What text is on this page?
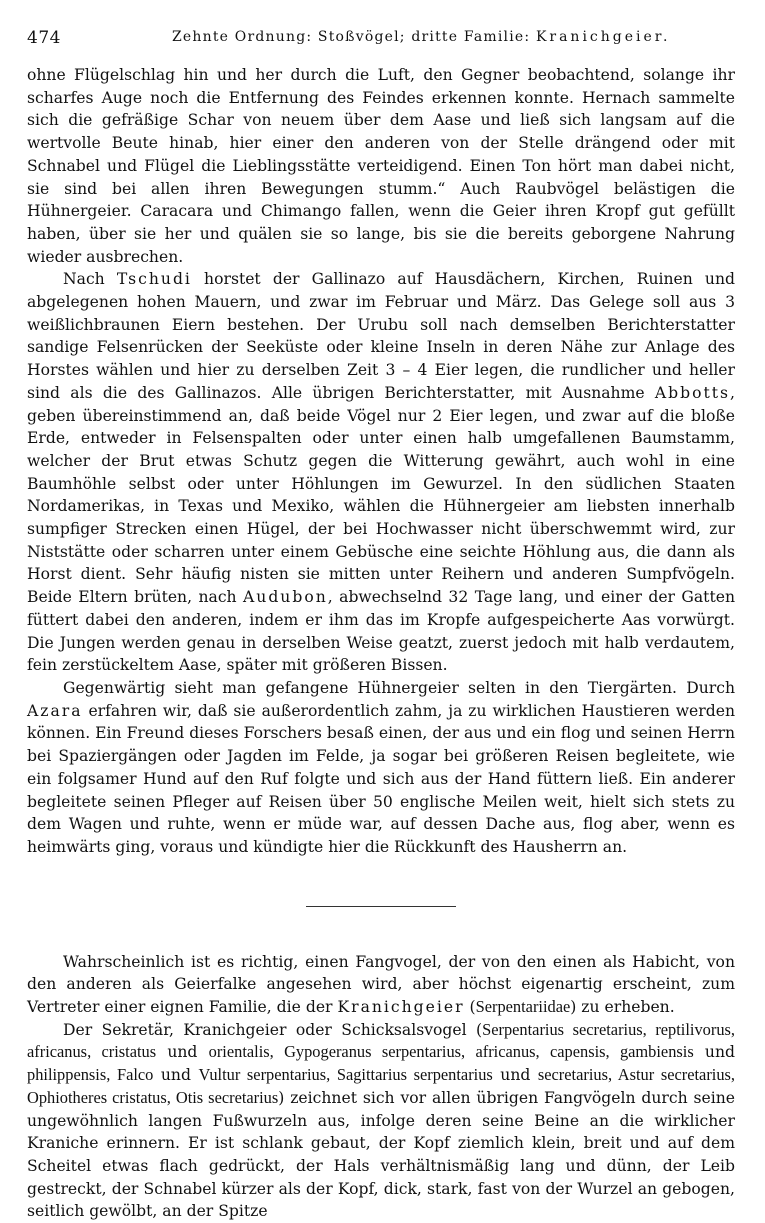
474	Zehnte Ordnung: Stoßvögel; dritte Familie: Kranichgeier.

ohne Flügelschlag hin und her durch die Luft, den Gegner beobachtend, solange ihr scharfes Auge noch die Entfernung des Feindes erkennen konnte. Hernach sammelte sich die gefräßige Schar von neuem über dem Aase und ließ sich langsam auf die wertvolle Beute hinab, hier einer den anderen von der Stelle drängend oder mit Schnabel und Flügel die Lieblingsstätte verteidigend. Einen Ton hört man dabei nicht, sie sind bei allen ihren Bewegungen stumm.“ Auch Raubvögel belästigen die Hühnergeier. Caracara und Chimango fallen, wenn die Geier ihren Kropf gut gefüllt haben, über sie her und quälen sie so lange, bis sie die bereits geborgene Nahrung wieder ausbrechen.

Nach Tschudi horstet der Gallinazo auf Hausdächern, Kirchen, Ruinen und abgelegenen hohen Mauern, und zwar im Februar und März. Das Gelege soll aus 3 weißlichbraunen Eiern bestehen. Der Urubu soll nach demselben Berichterstatter sandige Felsenrücken der Seeküste oder kleine Inseln in deren Nähe zur Anlage des Horstes wählen und hier zu derselben Zeit 3 – 4 Eier legen, die rundlicher und heller sind als die des Gallinazos. Alle übrigen Berichterstatter, mit Ausnahme Abbotts, geben übereinstimmend an, daß beide Vögel nur 2 Eier legen, und zwar auf die bloße Erde, entweder in Felsenspalten oder unter einen halb umgefallenen Baumstamm, welcher der Brut etwas Schutz gegen die Witterung gewährt, auch wohl in eine Baumhöhle selbst oder unter Höhlungen im Gewurzel. In den südlichen Staaten Nordamerikas, in Texas und Mexiko, wählen die Hühnergeier am liebsten innerhalb sumpfiger Strecken einen Hügel, der bei Hochwasser nicht überschwemmt wird, zur Niststätte oder scharren unter einem Gebüsche eine seichte Höhlung aus, die dann als Horst dient. Sehr häufig nisten sie mitten unter Reihern und anderen Sumpfvögeln. Beide Eltern brüten, nach Audubon, abwechselnd 32 Tage lang, und einer der Gatten füttert dabei den anderen, indem er ihm das im Kropfe aufgespeicherte Aas vorwürgt. Die Jungen werden genau in derselben Weise geatzt, zuerst jedoch mit halb verdautem, fein zerstückeltem Aase, später mit größeren Bissen.

Gegenwärtig sieht man gefangene Hühnergeier selten in den Tiergärten. Durch Azara erfahren wir, daß sie außerordentlich zahm, ja zu wirklichen Haustieren werden können. Ein Freund dieses Forschers besaß einen, der aus und ein flog und seinen Herrn bei Spaziergängen oder Jagden im Felde, ja sogar bei größeren Reisen begleitete, wie ein folgsamer Hund auf den Ruf folgte und sich aus der Hand füttern ließ. Ein anderer begleitete seinen Pfleger auf Reisen über 50 englische Meilen weit, hielt sich stets zu dem Wagen und ruhte, wenn er müde war, auf dessen Dache aus, flog aber, wenn es heimwärts ging, voraus und kündigte hier die Rückkunft des Hausherrn an.

Wahrscheinlich ist es richtig, einen Fangvogel, der von den einen als Habicht, von den anderen als Geierfalke angesehen wird, aber höchst eigenartig erscheint, zum Vertreter einer eignen Familie, die der Kranichgeier (Serpentariidae) zu erheben.

Der Sekretär, Kranichgeier oder Schicksalsvogel (Serpentarius secretarius, reptilivorus, africanus, cristatus und orientalis, Gypogeranus serpentarius, africanus, capensis, gambiensis und philippensis, Falco und Vultur serpentarius, Sagittarius serpentarius und secretarius, Astur secretarius, Ophiotheres cristatus, Otis secretarius) zeichnet sich vor allen übrigen Fangvögeln durch seine ungewöhnlich langen Fußwurzeln aus, infolge deren seine Beine an die wirklicher Kraniche erinnern. Er ist schlank gebaut, der Kopf ziemlich klein, breit und auf dem Scheitel etwas flach gedrückt, der Hals verhältnismäßig lang und dünn, der Leib gestreckt, der Schnabel kürzer als der Kopf, dick, stark, fast von der Wurzel an gebogen, seitlich gewölbt, an der Spitze
